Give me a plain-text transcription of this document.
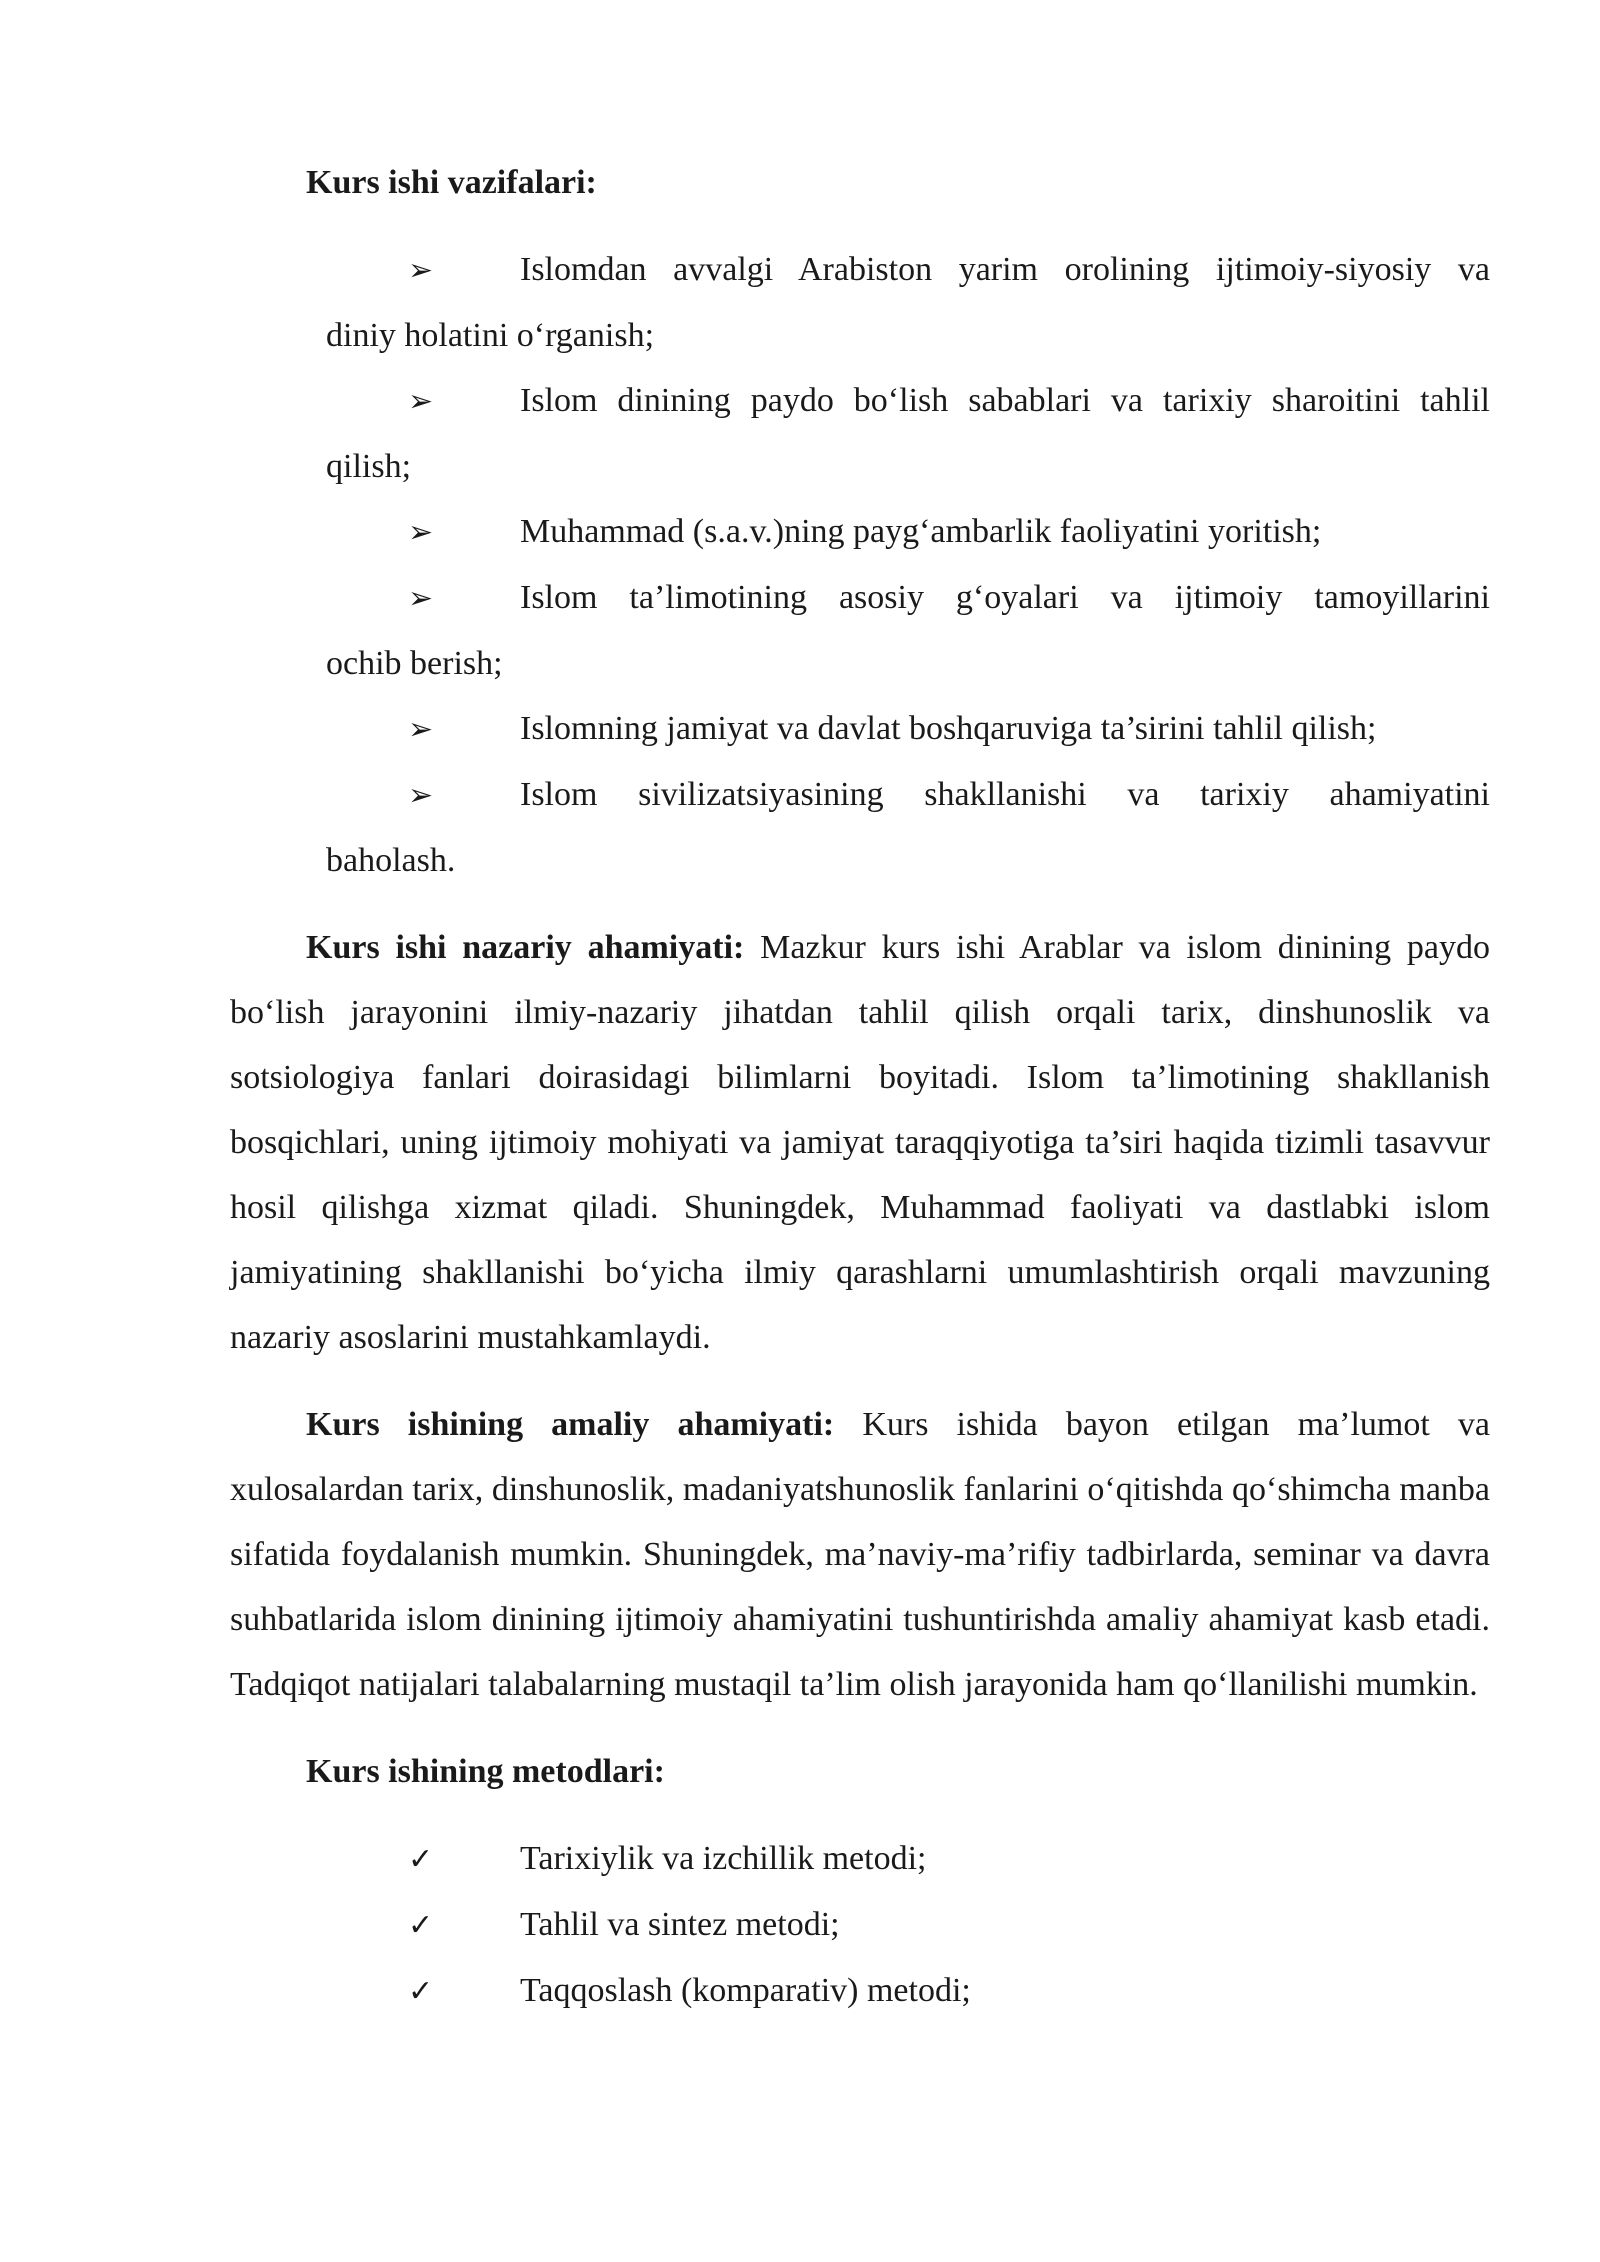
Kurs ishi vazifalari:

➢	Islomdan avvalgi Arabiston yarim orolining ijtimoiy-siyosiy va
diniy holatini o‘rganish;
➢	Islom dinining paydo bo‘lish sabablari va tarixiy sharoitini tahlil
qilish;
➢	Muhammad (s.a.v.)ning payg‘ambarlik faoliyatini yoritish;
➢	Islom ta’limotining asosiy g‘oyalari va ijtimoiy tamoyillarini
ochib berish;
➢	Islomning jamiyat va davlat boshqaruviga ta’sirini tahlil qilish;
➢	Islom sivilizatsiyasining shakllanishi va tarixiy ahamiyatini
baholash.

Kurs ishi nazariy ahamiyati: Mazkur kurs ishi Arablar va islom dinining paydo bo‘lish jarayonini ilmiy-nazariy jihatdan tahlil qilish orqali tarix, dinshunoslik va sotsiologiya fanlari doirasidagi bilimlarni boyitadi. Islom ta’limotining shakllanish bosqichlari, uning ijtimoiy mohiyati va jamiyat taraqqiyotiga ta’siri haqida tizimli tasavvur hosil qilishga xizmat qiladi. Shuningdek, Muhammad faoliyati va dastlabki islom jamiyatining shakllanishi bo‘yicha ilmiy qarashlarni umumlashtirish orqali mavzuning nazariy asoslarini mustahkamlaydi.

Kurs ishining amaliy ahamiyati: Kurs ishida bayon etilgan ma’lumot va xulosalardan tarix, dinshunoslik, madaniyatshunoslik fanlarini o‘qitishda qo‘shimcha manba sifatida foydalanish mumkin. Shuningdek, ma’naviy-ma’rifiy tadbirlarda, seminar va davra suhbatlarida islom dinining ijtimoiy ahamiyatini tushuntirishda amaliy ahamiyat kasb etadi. Tadqiqot natijalari talabalarning mustaqil ta’lim olish jarayonida ham qo‘llanilishi mumkin.

Kurs ishining metodlari:

✓	Tarixiylik va izchillik metodi;
✓	Tahlil va sintez metodi;
✓	Taqqoslash (komparativ) metodi;
